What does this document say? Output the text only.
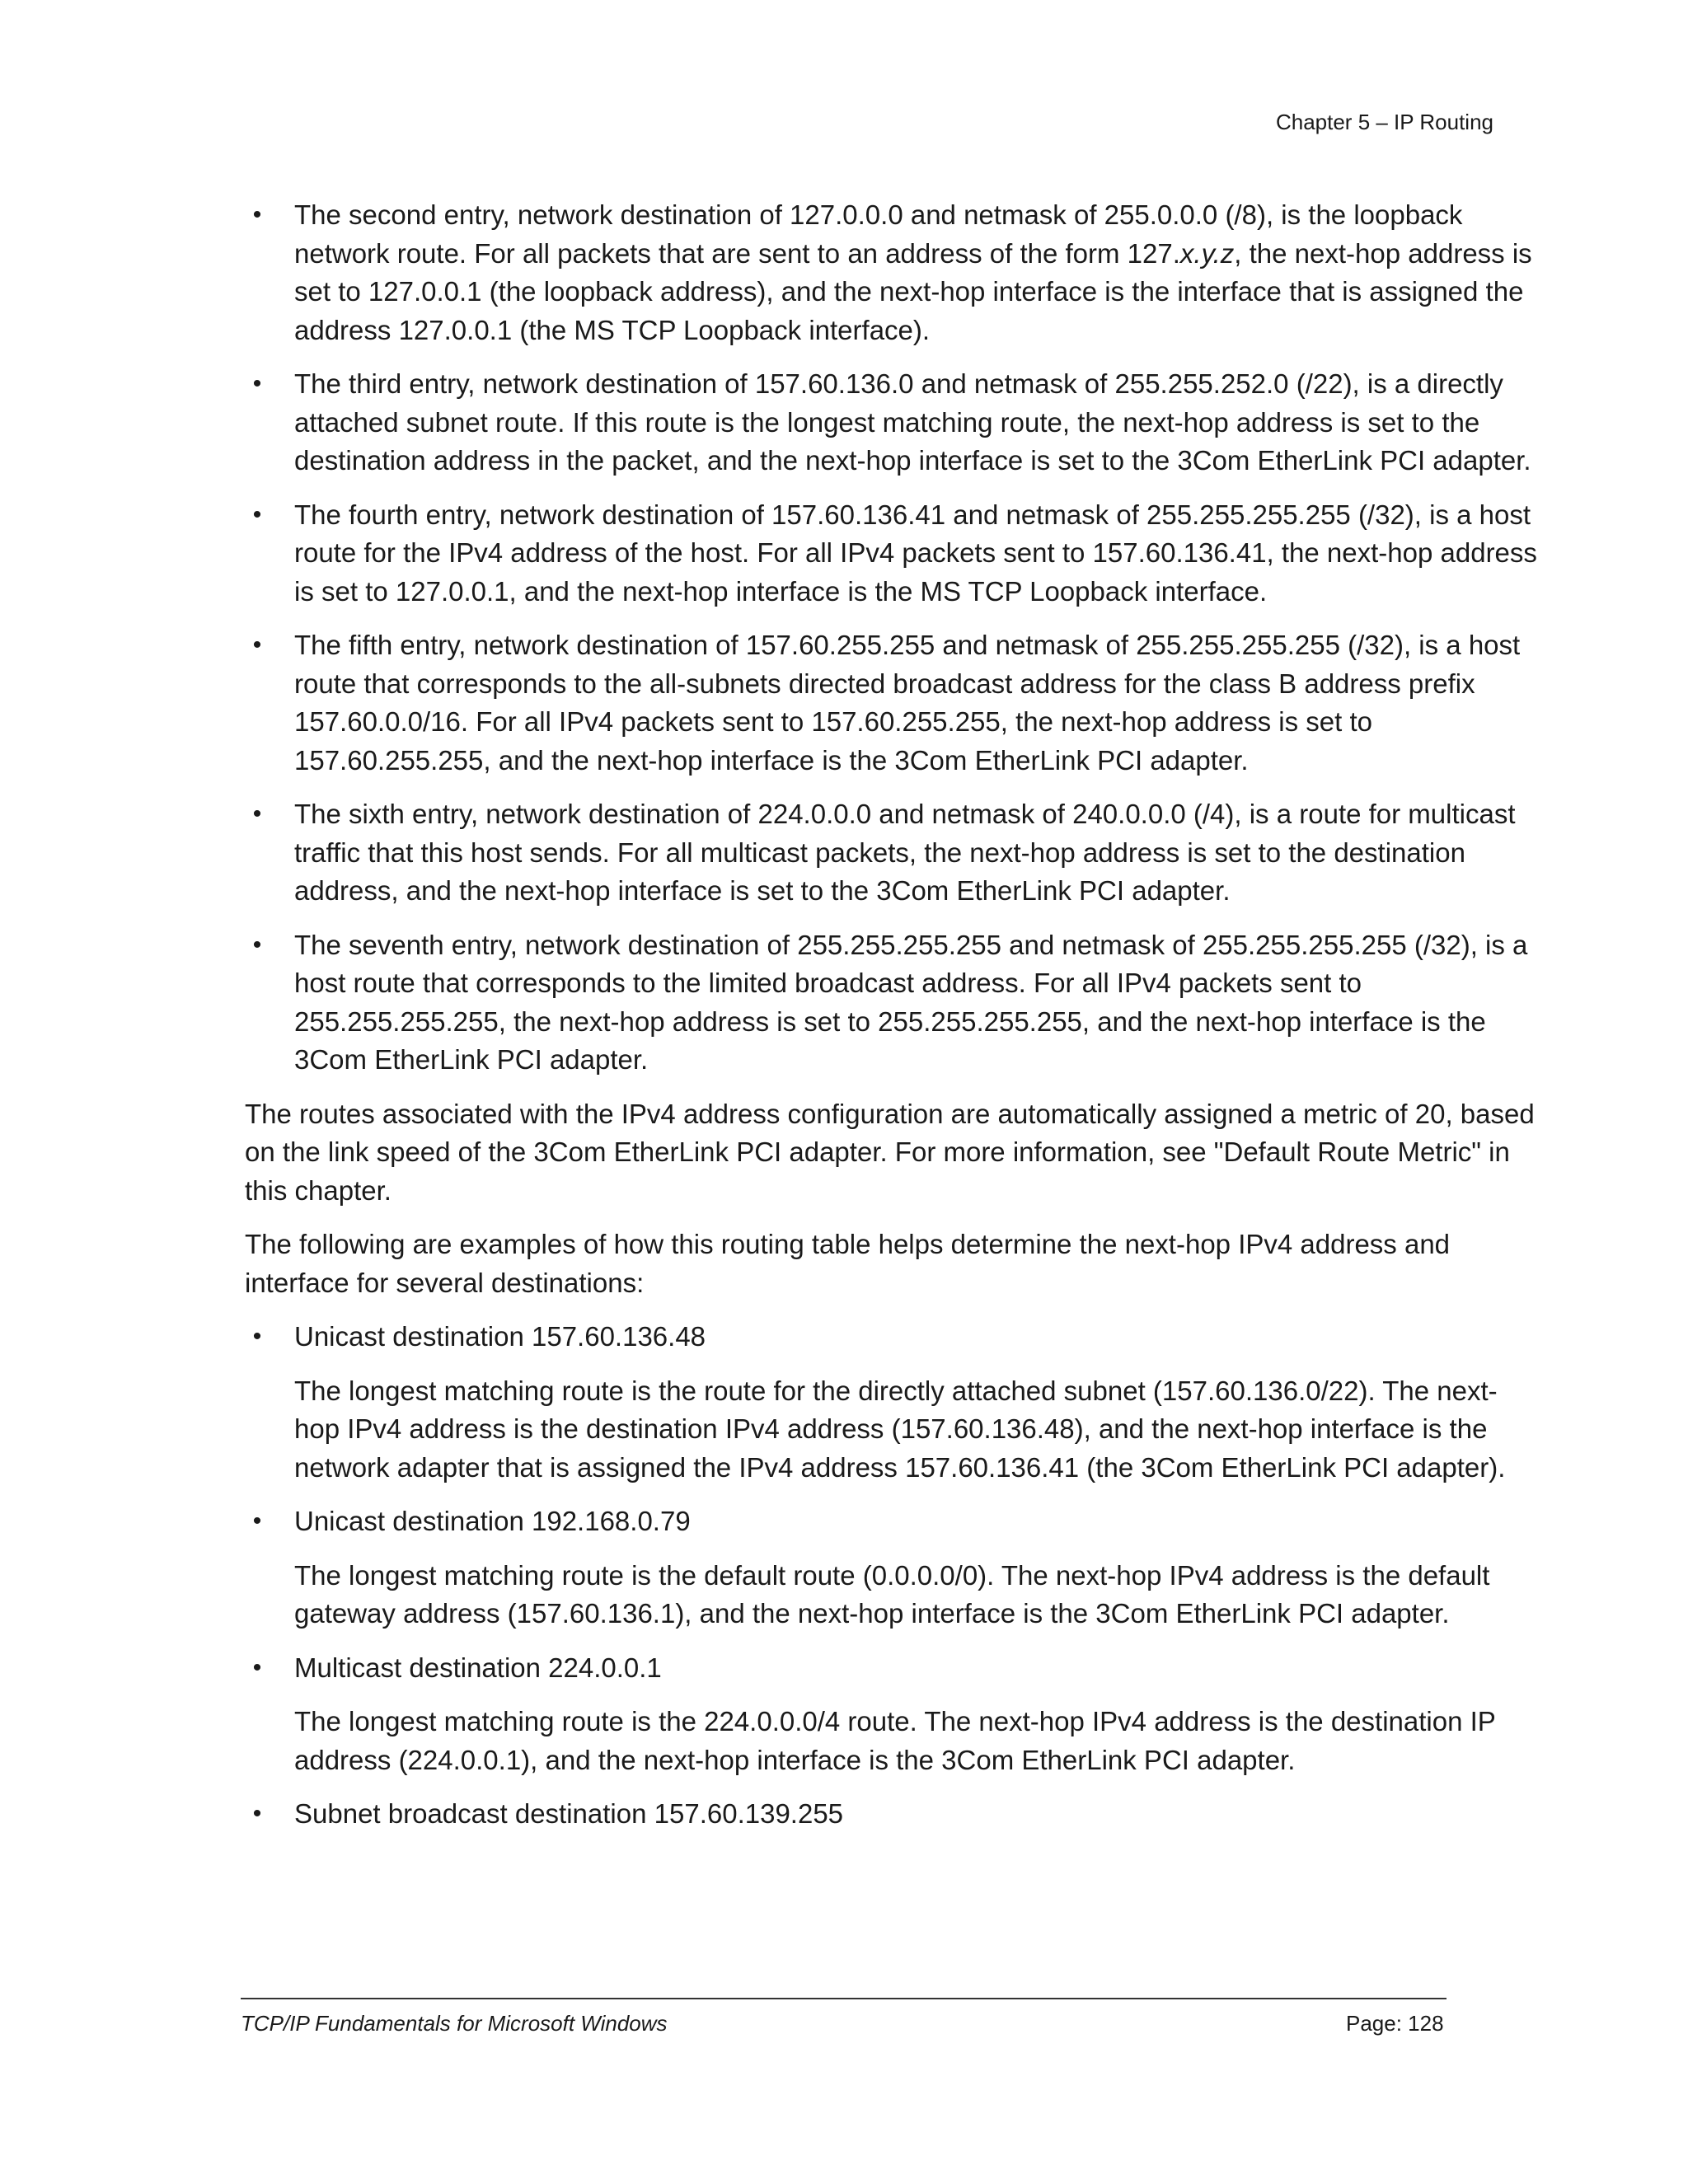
Chapter 5 – IP Routing
• The second entry, network destination of 127.0.0.0 and netmask of 255.0.0.0 (/8), is the loopback network route. For all packets that are sent to an address of the form 127.x.y.z, the next-hop address is set to 127.0.0.1 (the loopback address), and the next-hop interface is the interface that is assigned the address 127.0.0.1 (the MS TCP Loopback interface).
• The third entry, network destination of 157.60.136.0 and netmask of 255.255.252.0 (/22), is a directly attached subnet route. If this route is the longest matching route, the next-hop address is set to the destination address in the packet, and the next-hop interface is set to the 3Com EtherLink PCI adapter.
• The fourth entry, network destination of 157.60.136.41 and netmask of 255.255.255.255 (/32), is a host route for the IPv4 address of the host. For all IPv4 packets sent to 157.60.136.41, the next-hop address is set to 127.0.0.1, and the next-hop interface is the MS TCP Loopback interface.
• The fifth entry, network destination of 157.60.255.255 and netmask of 255.255.255.255 (/32), is a host route that corresponds to the all-subnets directed broadcast address for the class B address prefix 157.60.0.0/16. For all IPv4 packets sent to 157.60.255.255, the next-hop address is set to 157.60.255.255, and the next-hop interface is the 3Com EtherLink PCI adapter.
• The sixth entry, network destination of 224.0.0.0 and netmask of 240.0.0.0 (/4), is a route for multicast traffic that this host sends. For all multicast packets, the next-hop address is set to the destination address, and the next-hop interface is set to the 3Com EtherLink PCI adapter.
• The seventh entry, network destination of 255.255.255.255 and netmask of 255.255.255.255 (/32), is a host route that corresponds to the limited broadcast address. For all IPv4 packets sent to 255.255.255.255, the next-hop address is set to 255.255.255.255, and the next-hop interface is the 3Com EtherLink PCI adapter.

The routes associated with the IPv4 address configuration are automatically assigned a metric of 20, based on the link speed of the 3Com EtherLink PCI adapter. For more information, see "Default Route Metric" in this chapter.

The following are examples of how this routing table helps determine the next-hop IPv4 address and interface for several destinations:

• Unicast destination 157.60.136.48

The longest matching route is the route for the directly attached subnet (157.60.136.0/22). The next-hop IPv4 address is the destination IPv4 address (157.60.136.48), and the next-hop interface is the network adapter that is assigned the IPv4 address 157.60.136.41 (the 3Com EtherLink PCI adapter).

• Unicast destination 192.168.0.79

The longest matching route is the default route (0.0.0.0/0). The next-hop IPv4 address is the default gateway address (157.60.136.1), and the next-hop interface is the 3Com EtherLink PCI adapter.

• Multicast destination 224.0.0.1

The longest matching route is the 224.0.0.0/4 route. The next-hop IPv4 address is the destination IP address (224.0.0.1), and the next-hop interface is the 3Com EtherLink PCI adapter.

• Subnet broadcast destination 157.60.139.255
TCP/IP Fundamentals for Microsoft Windows	Page: 128
